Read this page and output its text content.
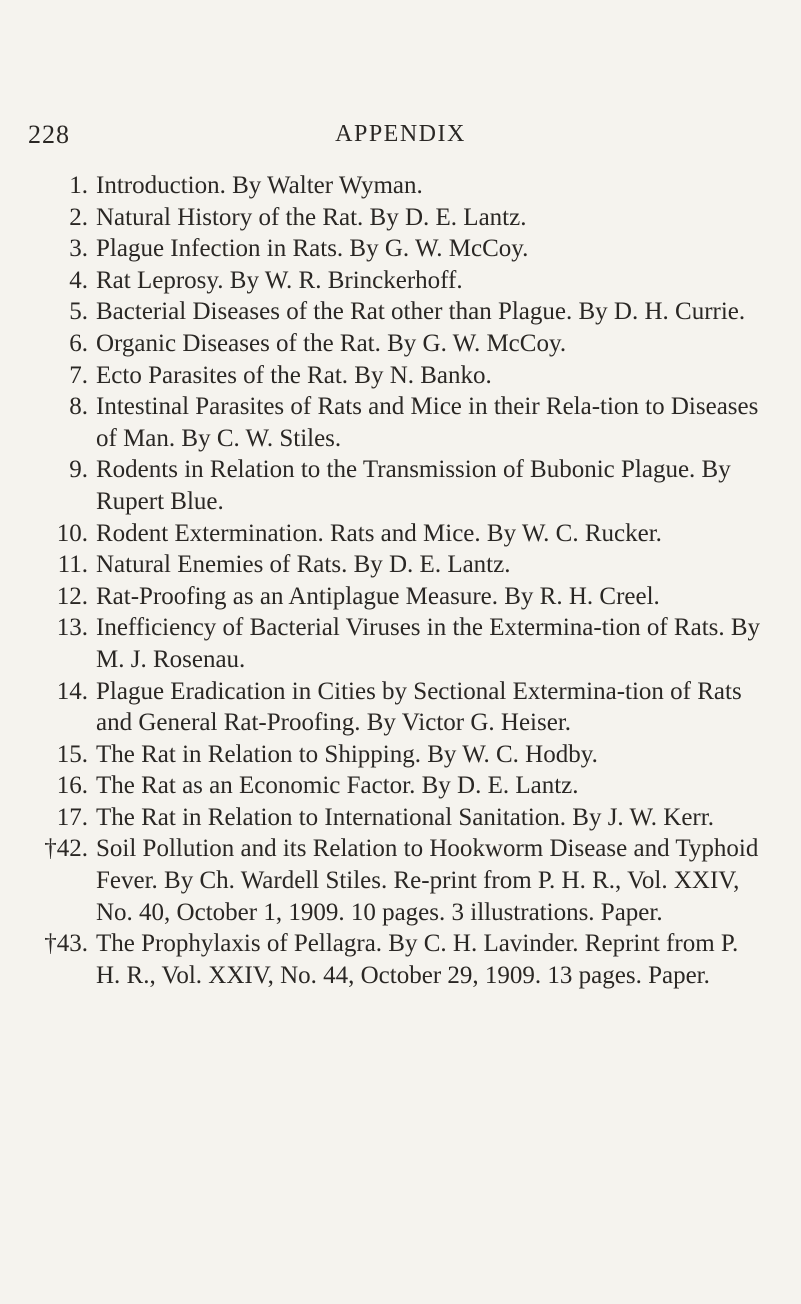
228	APPENDIX
1. Introduction. By Walter Wyman.
2. Natural History of the Rat. By D. E. Lantz.
3. Plague Infection in Rats. By G. W. McCoy.
4. Rat Leprosy. By W. R. Brinckerhoff.
5. Bacterial Diseases of the Rat other than Plague. By D. H. Currie.
6. Organic Diseases of the Rat. By G. W. McCoy.
7. Ecto Parasites of the Rat. By N. Banko.
8. Intestinal Parasites of Rats and Mice in their Rela-tion to Diseases of Man. By C. W. Stiles.
9. Rodents in Relation to the Transmission of Bubonic Plague. By Rupert Blue.
10. Rodent Extermination. Rats and Mice. By W. C. Rucker.
11. Natural Enemies of Rats. By D. E. Lantz.
12. Rat-Proofing as an Antiplague Measure. By R. H. Creel.
13. Inefficiency of Bacterial Viruses in the Extermina-tion of Rats. By M. J. Rosenau.
14. Plague Eradication in Cities by Sectional Extermina-tion of Rats and General Rat-Proofing. By Victor G. Heiser.
15. The Rat in Relation to Shipping. By W. C. Hodby.
16. The Rat as an Economic Factor. By D. E. Lantz.
17. The Rat in Relation to International Sanitation. By J. W. Kerr.
†42. Soil Pollution and its Relation to Hookworm Disease and Typhoid Fever. By Ch. Wardell Stiles. Re-print from P. H. R., Vol. XXIV, No. 40, October 1, 1909. 10 pages. 3 illustrations. Paper.
†43. The Prophylaxis of Pellagra. By C. H. Lavinder. Reprint from P. H. R., Vol. XXIV, No. 44, October 29, 1909. 13 pages. Paper.
